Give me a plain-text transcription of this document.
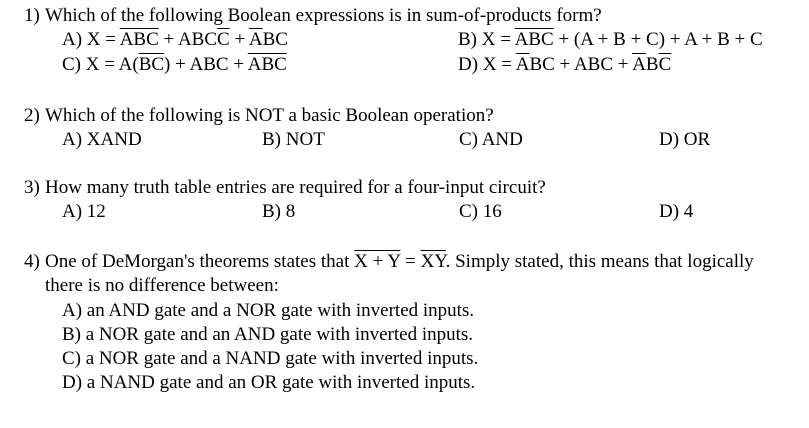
1) Which of the following Boolean expressions is in sum-of-products form?
A) $X = \overline{ABC} + ABC\overline{C} + \overline{A}BC$	B) $X = \overline{ABC} + (A + B + C) + A + B + C$
C) $X = A(\overline{BC})$ + ABC + $\overline{ABC}$	D) $X = \overline{A}BC$ + ABC + $\overline{A}B\overline{C}$
2) Which of the following is NOT a basic Boolean operation?
A) XAND	B) NOT	C) AND	D) OR
3) How many truth table entries are required for a four-input circuit?
A) 12	B) 8	C) 16	D) 4
4) One of DeMorgan's theorems states that $X + Y = \overline{X}\overline{Y}$. Simply stated, this means that logically
there is no difference between:
A) an AND gate and a NOR gate with inverted inputs.
B) a NOR gate and an AND gate with inverted inputs.
C) a NOR gate and a NAND gate with inverted inputs.
D) a NAND gate and an OR gate with inverted inputs.
